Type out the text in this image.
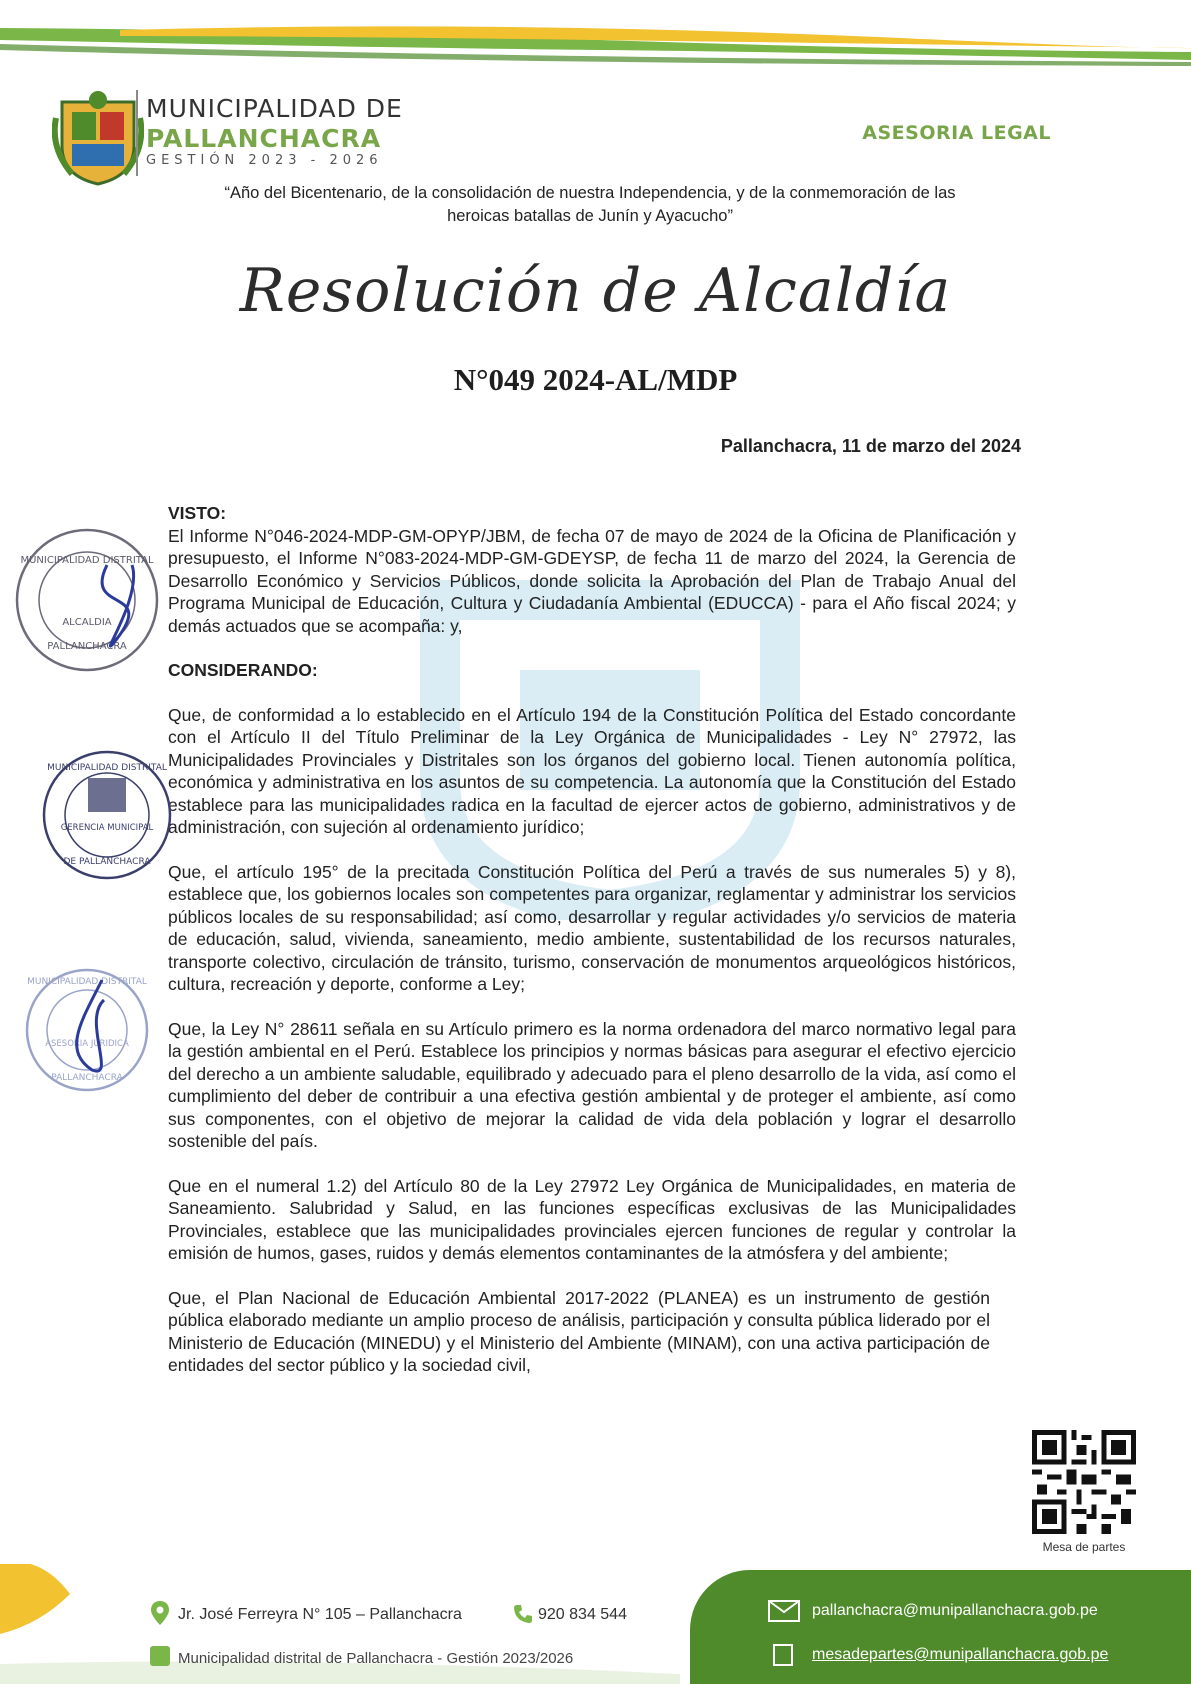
MUNICIPALIDAD DE
PALLANCHACRA
GESTIÓN 2023 - 2026
ASESORIA LEGAL
“Año del Bicentenario, de la consolidación de nuestra Independencia, y de la conmemoración de las
heroicas batallas de Junín y Ayacucho”
Resolución de Alcaldía
N°049 2024-AL/MDP
Pallanchacra, 11 de marzo del 2024

VISTO:

El Informe N°046-2024-MDP-GM-OPYP/JBM, de fecha 07 de mayo de 2024 de la Oficina de Planificación y presupuesto, el Informe N°083-2024-MDP-GM-GDEYSP, de fecha 11 de marzo del 2024, la Gerencia de Desarrollo Económico y Servicios Públicos, donde solicita la Aprobación del Plan de Trabajo Anual del Programa Municipal de Educación, Cultura y Ciudadanía Ambiental (EDUCCA) - para el Año fiscal 2024; y demás actuados que se acompaña: y,

CONSIDERANDO:

Que, de conformidad a lo establecido en el Artículo 194 de la Constitución Política del Estado concordante con el Artículo II del Título Preliminar de la Ley Orgánica de Municipalidades - Ley N° 27972, las Municipalidades Provinciales y Distritales son los órganos del gobierno local. Tienen autonomía política, económica y administrativa en los asuntos de su competencia. La autonomía que la Constitución del Estado establece para las municipalidades radica en la facultad de ejercer actos de gobierno, administrativos y de administración, con sujeción al ordenamiento jurídico;

Que, el artículo 195° de la precitada Constitución Política del Perú a través de sus numerales 5) y 8), establece que, los gobiernos locales son competentes para organizar, reglamentar y administrar los servicios públicos locales de su responsabilidad; así como, desarrollar y regular actividades y/o servicios de materia de educación, salud, vivienda, saneamiento, medio ambiente, sustentabilidad de los recursos naturales, transporte colectivo, circulación de tránsito, turismo, conservación de monumentos arqueológicos históricos, cultura, recreación y deporte, conforme a Ley;

Que, la Ley N° 28611 señala en su Artículo primero es la norma ordenadora del marco normativo legal para la gestión ambiental en el Perú. Establece los principios y normas básicas para asegurar el efectivo ejercicio del derecho a un ambiente saludable, equilibrado y adecuado para el pleno desarrollo de la vida, así como el cumplimiento del deber de contribuir a una efectiva gestión ambiental y de proteger el ambiente, así como sus componentes, con el objetivo de mejorar la calidad de vida dela población y lograr el desarrollo sostenible del país.

Que en el numeral 1.2) del Artículo 80 de la Ley 27972 Ley Orgánica de Municipalidades, en materia de Saneamiento. Salubridad y Salud, en las funciones específicas exclusivas de las Municipalidades Provinciales, establece que las municipalidades provinciales ejercen funciones de regular y controlar la emisión de humos, gases, ruidos y demás elementos contaminantes de la atmósfera y del ambiente;

Que, el Plan Nacional de Educación Ambiental 2017-2022 (PLANEA) es un instrumento de gestión pública elaborado mediante un amplio proceso de análisis, participación y consulta pública liderado por el Ministerio de Educación (MINEDU) y el Ministerio del Ambiente (MINAM), con una activa participación de entidades del sector público y la sociedad civil,

MUNICIPALIDAD DISTRITAL
ALCALDIA
PALLANCHACRA
MUNICIPALIDAD DISTRITAL
GERENCIA MUNICIPAL
DE PALLANCHACRA
MUNICIPALIDAD DISTRITAL
ASESORIA JURIDICA
PALLANCHACRA
Mesa de partes
Jr. José Ferreyra N° 105 – Pallanchacra	920 834 544	pallanchacra@munipallanchacra.gob.pe
Municipalidad distrital de Pallanchacra - Gestión 2023/2026	mesadepartes@munipallanchacra.gob.pe
